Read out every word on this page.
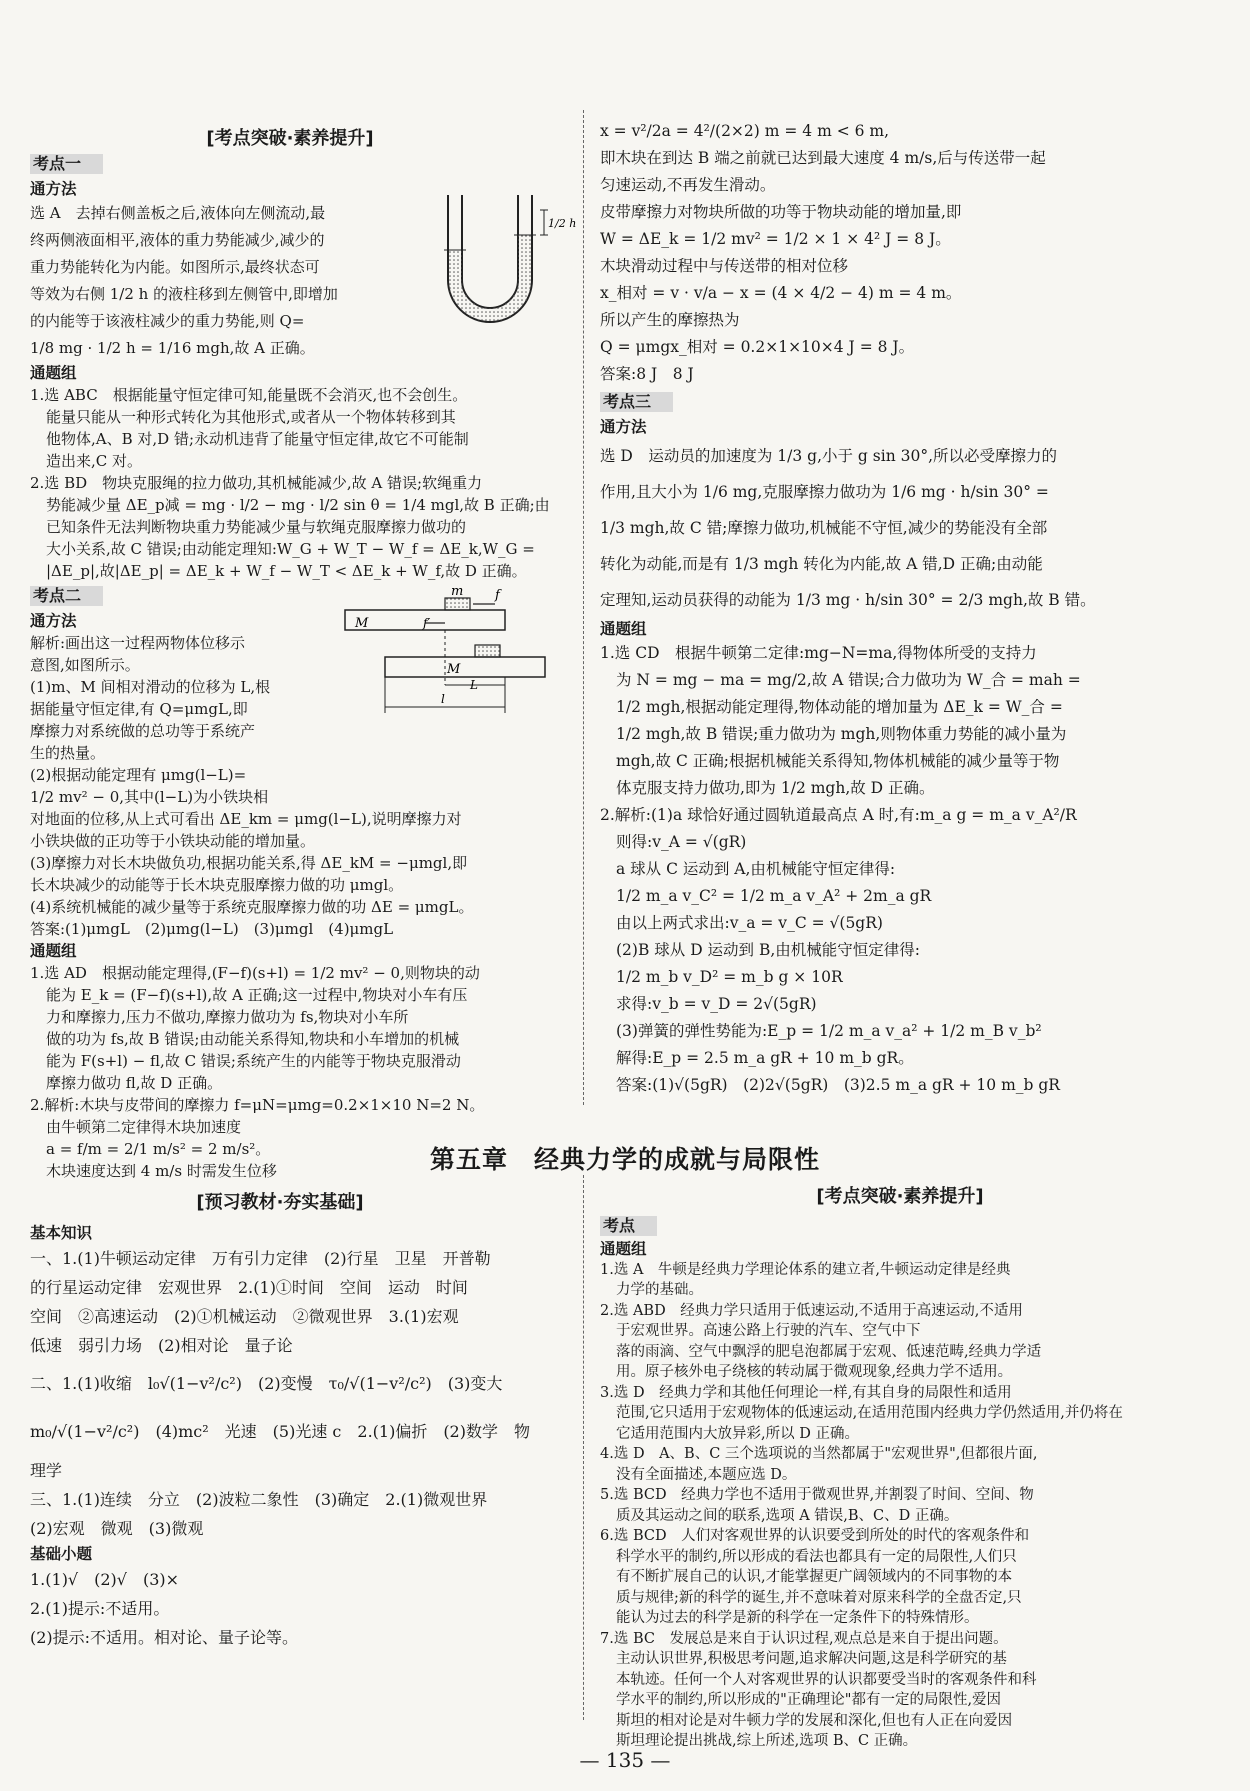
[考点突破·素养提升]
考点一
通方法

选 A　去掉右侧盖板之后,液体向左侧流动,最

终两侧液面相平,液体的重力势能减少,减少的

重力势能转化为内能。如图所示,最终状态可

等效为右侧 1/2 h 的液柱移到左侧管中,即增加

的内能等于该液柱减少的重力势能,则 Q=

1/8 mg · 1/2 h = 1/16 mgh,故 A 正确。

通题组

1.选 ABC　根据能量守恒定律可知,能量既不会消灭,也不会创生。

能量只能从一种形式转化为其他形式,或者从一个物体转移到其

他物体,A、B 对,D 错;永动机违背了能量守恒定律,故它不可能制

造出来,C 对。

2.选 BD　物块克服绳的拉力做功,其机械能减少,故 A 错误;软绳重力

势能减少量 ΔE_p减 = mg · l/2 − mg · l/2 sin θ = 1/4 mgl,故 B 正确;由

已知条件无法判断物块重力势能减少量与软绳克服摩擦力做功的

大小关系,故 C 错误;由动能定理知:W_G + W_T − W_f = ΔE_k,W_G =

|ΔE_p|,故|ΔE_p| = ΔE_k + W_f − W_T < ΔE_k + W_f,故 D 正确。

考点二
通方法

解析:画出这一过程两物体位移示

意图,如图所示。

(1)m、M 间相对滑动的位移为 L,根

据能量守恒定律,有 Q=μmgL,即

摩擦力对系统做的总功等于系统产

生的热量。

(2)根据动能定理有 μmg(l−L)=

1/2 mv² − 0,其中(l−L)为小铁块相

对地面的位移,从上式可看出 ΔE_km = μmg(l−L),说明摩擦力对

小铁块做的正功等于小铁块动能的增加量。

(3)摩擦力对长木块做负功,根据功能关系,得 ΔE_kM = −μmgl,即

长木块减少的动能等于长木块克服摩擦力做的功 μmgl。

(4)系统机械能的减少量等于系统克服摩擦力做的功 ΔE = μmgL。

答案:(1)μmgL　(2)μmg(l−L)　(3)μmgl　(4)μmgL

通题组

1.选 AD　根据动能定理得,(F−f)(s+l) = 1/2 mv² − 0,则物块的动

能为 E_k = (F−f)(s+l),故 A 正确;这一过程中,物块对小车有压

力和摩擦力,压力不做功,摩擦力做功为 fs,物块对小车所

做的功为 fs,故 B 错误;由动能关系得知,物块和小车增加的机械

能为 F(s+l) − fl,故 C 错误;系统产生的内能等于物块克服滑动

摩擦力做功 fl,故 D 正确。

2.解析:木块与皮带间的摩擦力 f=μN=μmg=0.2×1×10 N=2 N。

由牛顿第二定律得木块加速度

a = f/m = 2/1 m/s² = 2 m/s²。

木块速度达到 4 m/s 时需发生位移

1/2 h
m f
f′
M
M
L
l

x = v²/2a = 4²/(2×2) m = 4 m < 6 m,

即木块在到达 B 端之前就已达到最大速度 4 m/s,后与传送带一起

匀速运动,不再发生滑动。

皮带摩擦力对物块所做的功等于物块动能的增加量,即

W = ΔE_k = 1/2 mv² = 1/2 × 1 × 4² J = 8 J。

木块滑动过程中与传送带的相对位移

x_相对 = v · v/a − x = (4 × 4/2 − 4) m = 4 m。

所以产生的摩擦热为

Q = μmgx_相对 = 0.2×1×10×4 J = 8 J。

答案:8 J　8 J

考点三
通方法

选 D　运动员的加速度为 1/3 g,小于 g sin 30°,所以必受摩擦力的

作用,且大小为 1/6 mg,克服摩擦力做功为 1/6 mg · h/sin 30° =

1/3 mgh,故 C 错;摩擦力做功,机械能不守恒,减少的势能没有全部

转化为动能,而是有 1/3 mgh 转化为内能,故 A 错,D 正确;由动能

定理知,运动员获得的动能为 1/3 mg · h/sin 30° = 2/3 mgh,故 B 错。

通题组

1.选 CD　根据牛顿第二定律:mg−N=ma,得物体所受的支持力

为 N = mg − ma = mg/2,故 A 错误;合力做功为 W_合 = mah =

1/2 mgh,根据动能定理得,物体动能的增加量为 ΔE_k = W_合 =

1/2 mgh,故 B 错误;重力做功为 mgh,则物体重力势能的减小量为

mgh,故 C 正确;根据机械能关系得知,物体机械能的减少量等于物

体克服支持力做功,即为 1/2 mgh,故 D 正确。

2.解析:(1)a 球恰好通过圆轨道最高点 A 时,有:m_a g = m_a v_A²/R

则得:v_A = √(gR)

a 球从 C 运动到 A,由机械能守恒定律得:

1/2 m_a v_C² = 1/2 m_a v_A² + 2m_a gR

由以上两式求出:v_a = v_C = √(5gR)

(2)B 球从 D 运动到 B,由机械能守恒定律得:

1/2 m_b v_D² = m_b g × 10R

求得:v_b = v_D = 2√(5gR)

(3)弹簧的弹性势能为:E_p = 1/2 m_a v_a² + 1/2 m_B v_b²

解得:E_p = 2.5 m_a gR + 10 m_b gR。

答案:(1)√(5gR)　(2)2√(5gR)　(3)2.5 m_a gR + 10 m_b gR

第五章　经典力学的成就与局限性
[预习教材·夯实基础]
基本知识

一、1.(1)牛顿运动定律　万有引力定律　(2)行星　卫星　开普勒

的行星运动定律　宏观世界　2.(1)①时间　空间　运动　时间

空间　②高速运动　(2)①机械运动　②微观世界　3.(1)宏观

低速　弱引力场　(2)相对论　量子论

二、1.(1)收缩　l₀√(1−v²/c²)　(2)变慢　τ₀/√(1−v²/c²)　(3)变大

m₀/√(1−v²/c²)　(4)mc²　光速　(5)光速 c　2.(1)偏折　(2)数学　物

理学

三、1.(1)连续　分立　(2)波粒二象性　(3)确定　2.(1)微观世界

(2)宏观　微观　(3)微观

基础小题

1.(1)√　(2)√　(3)×

2.(1)提示:不适用。

(2)提示:不适用。相对论、量子论等。

[考点突破·素养提升]
考点
通题组

1.选 A　牛顿是经典力学理论体系的建立者,牛顿运动定律是经典

力学的基础。

2.选 ABD　经典力学只适用于低速运动,不适用于高速运动,不适用

于宏观世界。高速公路上行驶的汽车、空气中下

落的雨滴、空气中飘浮的肥皂泡都属于宏观、低速范畴,经典力学适

用。原子核外电子绕核的转动属于微观现象,经典力学不适用。

3.选 D　经典力学和其他任何理论一样,有其自身的局限性和适用

范围,它只适用于宏观物体的低速运动,在适用范围内经典力学仍然适用,并仍将在

它适用范围内大放异彩,所以 D 正确。

4.选 D　A、B、C 三个选项说的当然都属于"宏观世界",但都很片面,

没有全面描述,本题应选 D。

5.选 BCD　经典力学也不适用于微观世界,并割裂了时间、空间、物

质及其运动之间的联系,选项 A 错误,B、C、D 正确。

6.选 BCD　人们对客观世界的认识要受到所处的时代的客观条件和

科学水平的制约,所以形成的看法也都具有一定的局限性,人们只

有不断扩展自己的认识,才能掌握更广阔领域内的不同事物的本

质与规律;新的科学的诞生,并不意味着对原来科学的全盘否定,只

能认为过去的科学是新的科学在一定条件下的特殊情形。

7.选 BC　发展总是来自于认识过程,观点总是来自于提出问题。

主动认识世界,积极思考问题,追求解决问题,这是科学研究的基

本轨迹。任何一个人对客观世界的认识都要受当时的客观条件和科

学水平的制约,所以形成的"正确理论"都有一定的局限性,爱因

斯坦的相对论是对牛顿力学的发展和深化,但也有人正在向爱因

斯坦理论提出挑战,综上所述,选项 B、C 正确。

— 135 —
